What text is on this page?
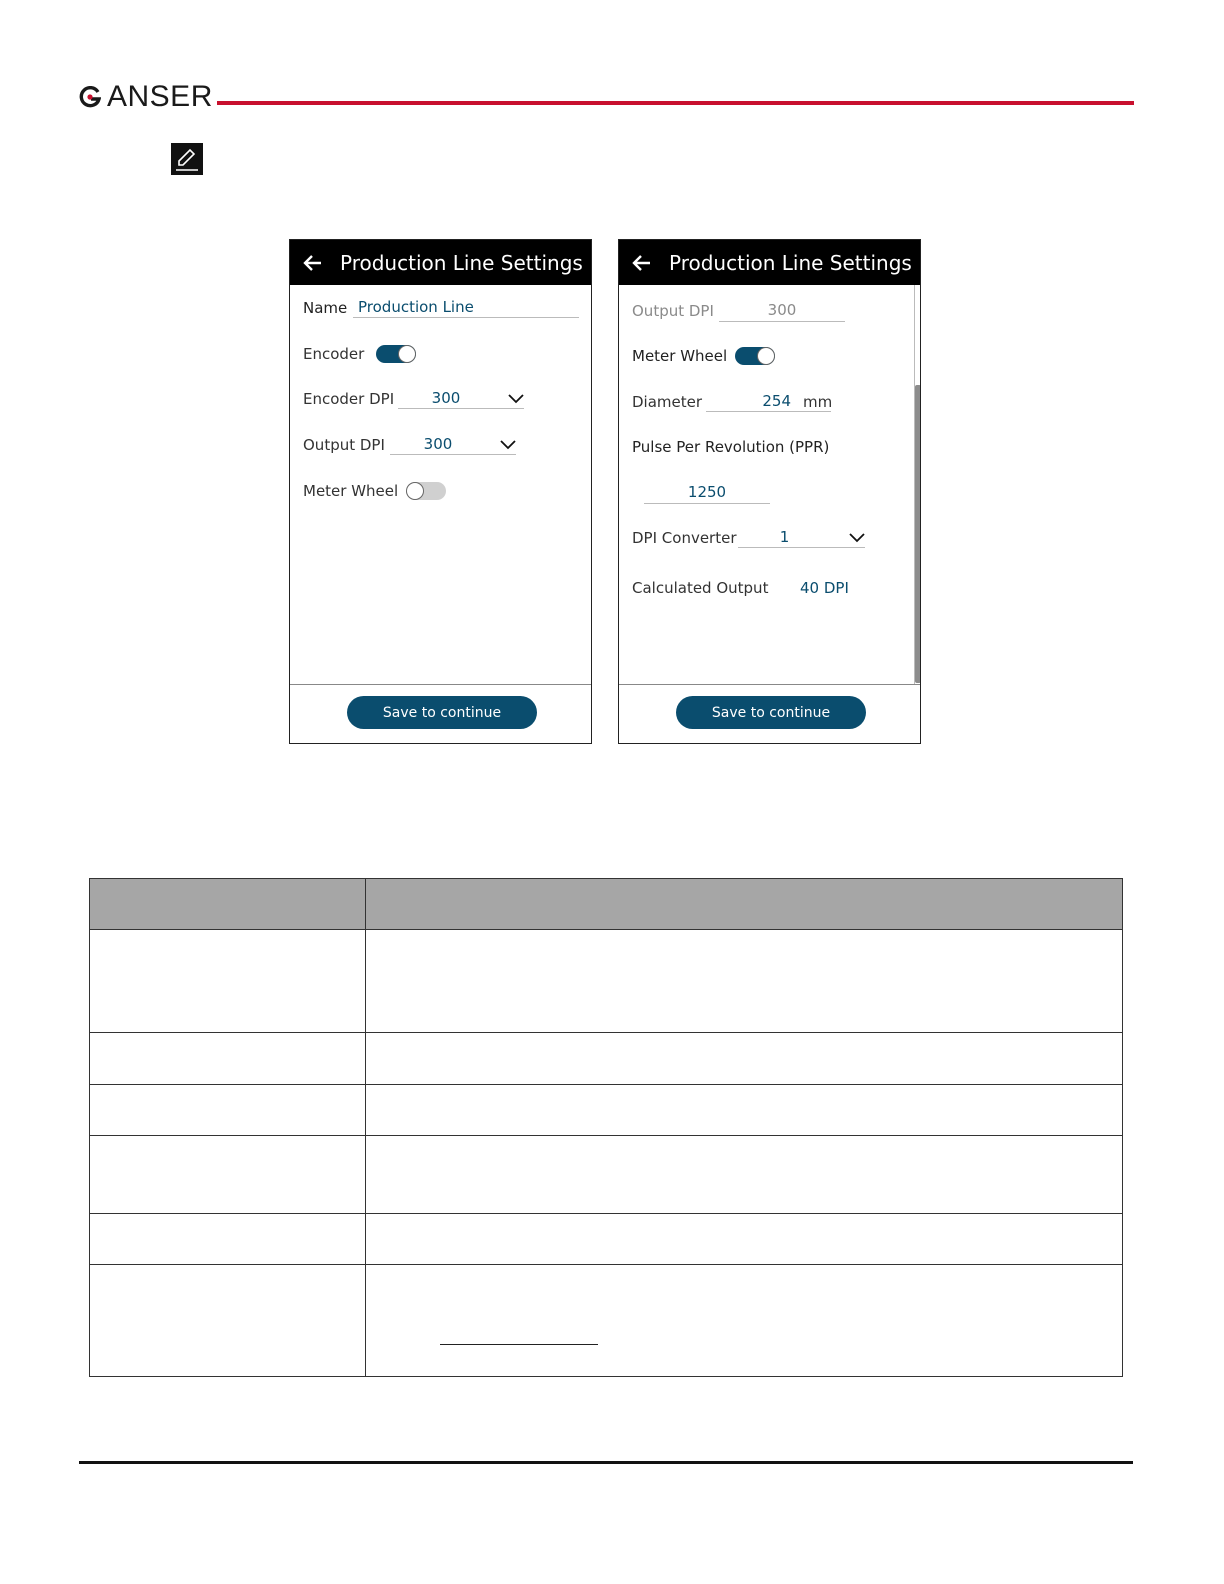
ANSER
Production Line Settings
Name Production Line
Encoder
Encoder DPI	300
Output DPI	300
Meter Wheel
Save to continue
Production Line Settings
Output DPI	300
Meter Wheel
Diameter	254 mm
Pulse Per Revolution (PPR)
1250
DPI Converter	1
Calculated Output 40 DPI
Save to continue
